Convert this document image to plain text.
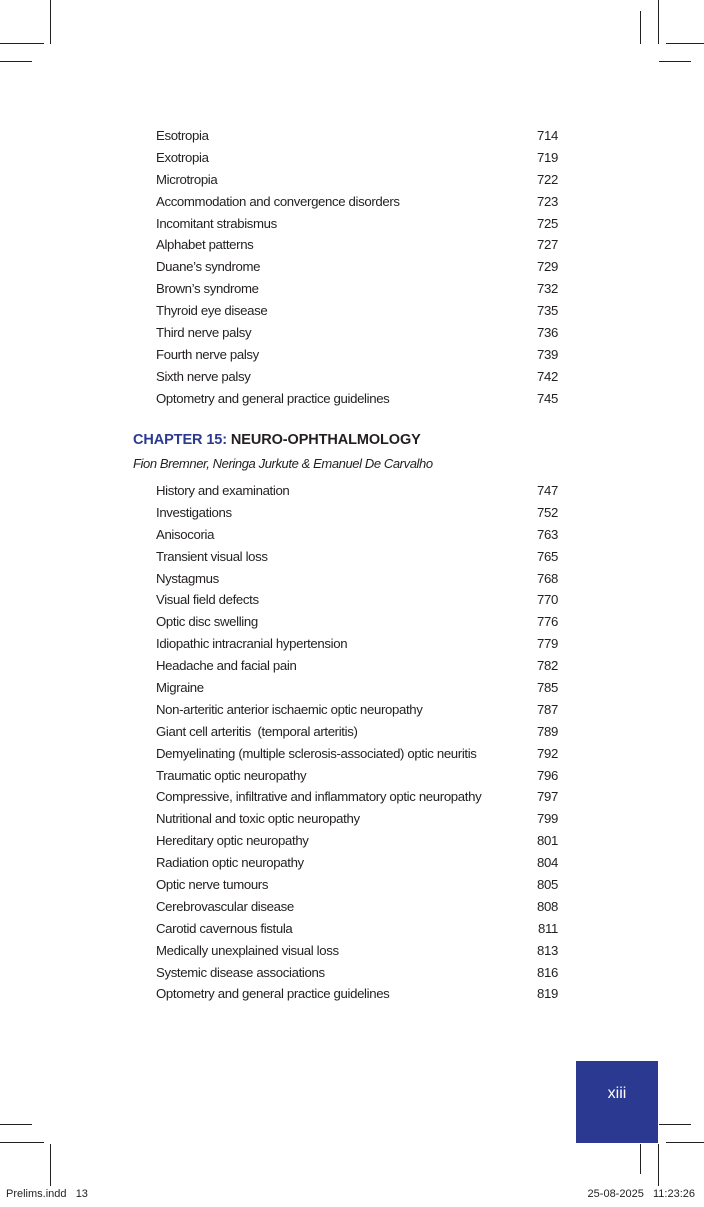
Esotropia	714
Exotropia	719
Microtropia	722
Accommodation and convergence disorders	723
Incomitant strabismus	725
Alphabet patterns	727
Duane’s syndrome	729
Brown’s syndrome	732
Thyroid eye disease	735
Third nerve palsy	736
Fourth nerve palsy	739
Sixth nerve palsy	742
Optometry and general practice guidelines	745
CHAPTER 15: NEURO-OPHTHALMOLOGY
Fion Bremner, Neringa Jurkute & Emanuel De Carvalho
History and examination	747
Investigations	752
Anisocoria	763
Transient visual loss	765
Nystagmus	768
Visual field defects	770
Optic disc swelling	776
Idiopathic intracranial hypertension	779
Headache and facial pain	782
Migraine	785
Non-arteritic anterior ischaemic optic neuropathy	787
Giant cell arteritis  (temporal arteritis)	789
Demyelinating (multiple sclerosis-associated) optic neuritis	792
Traumatic optic neuropathy	796
Compressive, infiltrative and inflammatory optic neuropathy	797
Nutritional and toxic optic neuropathy	799
Hereditary optic neuropathy	801
Radiation optic neuropathy	804
Optic nerve tumours	805
Cerebrovascular disease	808
Carotid cavernous fistula	811
Medically unexplained visual loss	813
Systemic disease associations	816
Optometry and general practice guidelines	819
xiii
Prelims.indd   13	25-08-2025   11:23:26
